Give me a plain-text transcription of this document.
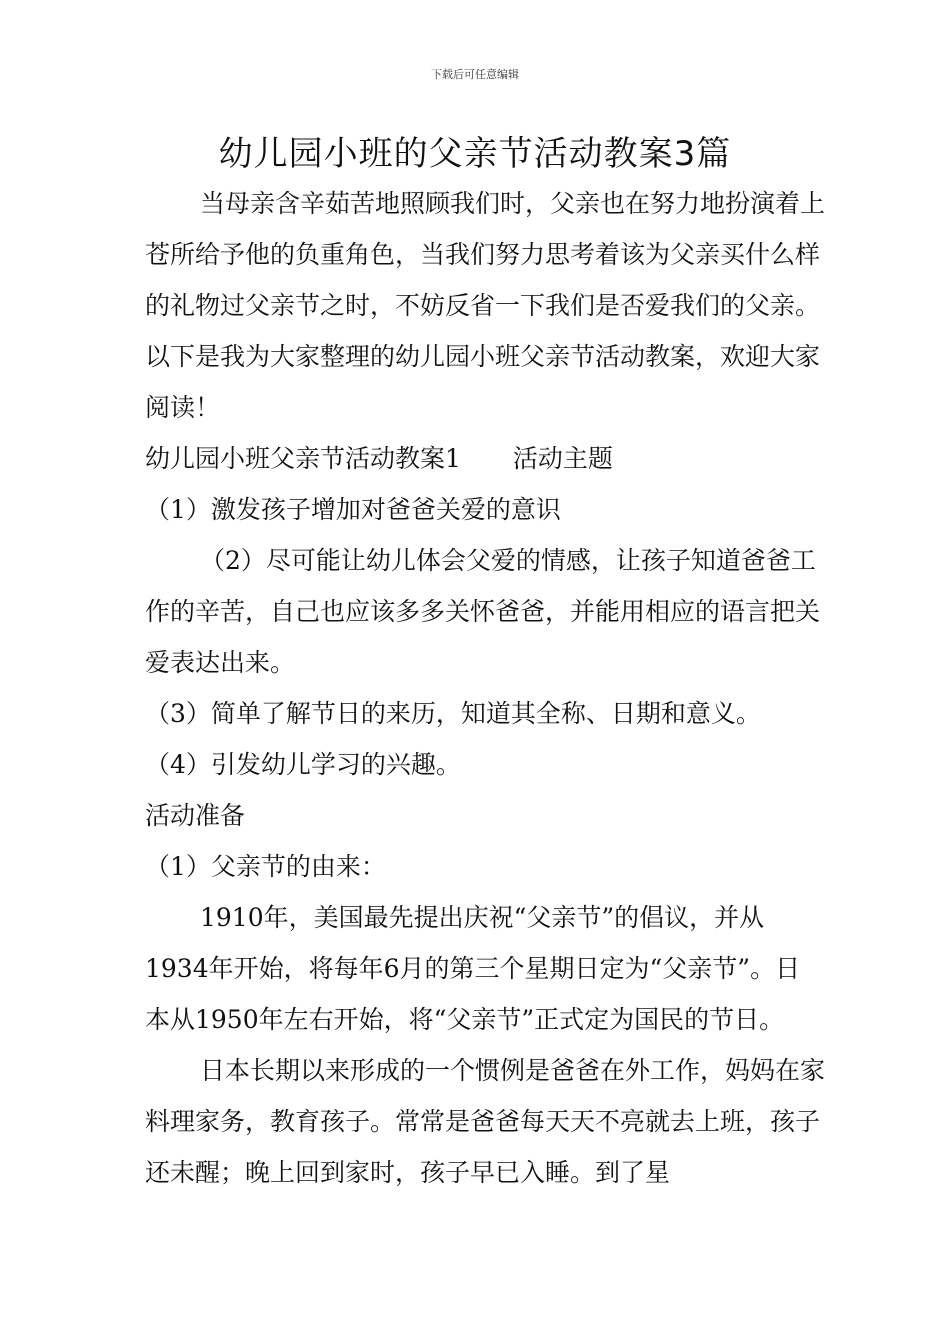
下载后可任意编辑
幼儿园小班的父亲节活动教案3篇

当母亲含辛茹苦地照顾我们时，父亲也在努力地扮演着上苍所给予他的负重角色，当我们努力思考着该为父亲买什么样的礼物过父亲节之时，不妨反省一下我们是否爱我们的父亲。以下是我为大家整理的幼儿园小班父亲节活动教案，欢迎大家阅读！

幼儿园小班父亲节活动教案1 活动主题

（1）激发孩子增加对爸爸关爱的意识

（2）尽可能让幼儿体会父爱的情感，让孩子知道爸爸工作的辛苦，自己也应该多多关怀爸爸，并能用相应的语言把关爱表达出来。

（3）简单了解节日的来历，知道其全称、日期和意义。

（4）引发幼儿学习的兴趣。

活动准备

（1）父亲节的由来：

1910年，美国最先提出庆祝“父亲节”的倡议，并从1934年开始，将每年6月的第三个星期日定为“父亲节”。日本从1950年左右开始，将“父亲节”正式定为国民的节日。

日本长期以来形成的一个惯例是爸爸在外工作，妈妈在家料理家务，教育孩子。常常是爸爸每天天不亮就去上班，孩子还未醒；晚上回到家时，孩子早已入睡。到了星
